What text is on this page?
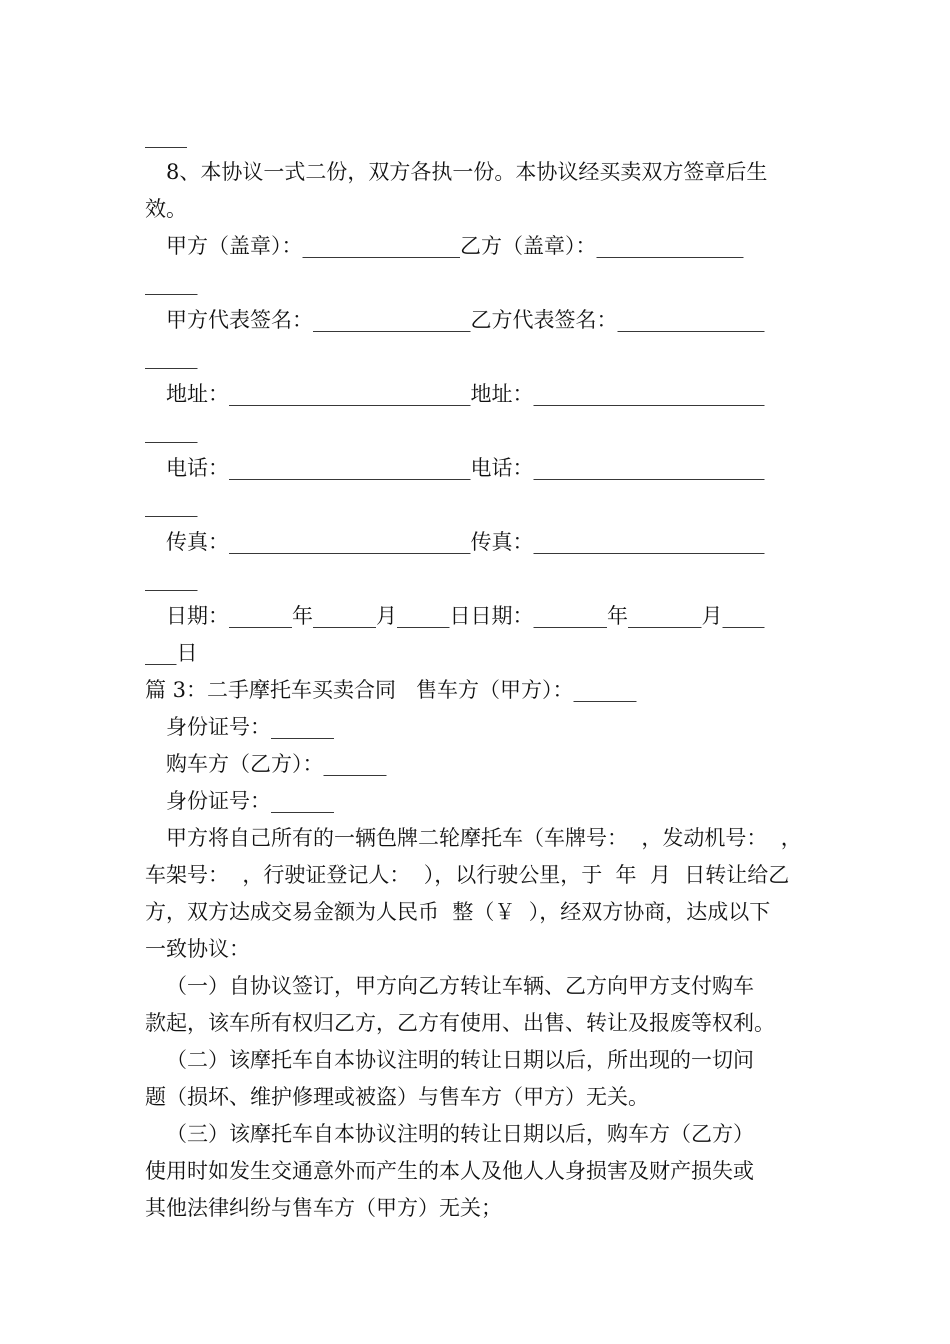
____
8、本协议一式二份，双方各执一份。本协议经买卖双方签章后生
效。
甲方（盖章）：_______________乙方（盖章）：______________
_____
甲方代表签名：_______________乙方代表签名：______________
_____
地址：_______________________地址：______________________
_____
电话：_______________________电话：______________________
_____
传真：_______________________传真：______________________
_____
日期：______年______月_____日日期：_______年_______月____
___日
篇 3：二手摩托车买卖合同   售车方（甲方）：______
身份证号：______
购车方（乙方）：______
身份证号：______
甲方将自己所有的一辆色牌二轮摩托车（车牌号：  ，发动机号：  ，
车架号：  ，行驶证登记人：  ），以行驶公里，于  年  月  日转让给乙
方，双方达成交易金额为人民币  整（￥  ），经双方协商，达成以下
一致协议：
（一）自协议签订，甲方向乙方转让车辆、乙方向甲方支付购车
款起，该车所有权归乙方，乙方有使用、出售、转让及报废等权利。
（二）该摩托车自本协议注明的转让日期以后，所出现的一切问
题（损坏、维护修理或被盗）与售车方（甲方）无关。
（三）该摩托车自本协议注明的转让日期以后，购车方（乙方）
使用时如发生交通意外而产生的本人及他人人身损害及财产损失或
其他法律纠纷与售车方（甲方）无关；
